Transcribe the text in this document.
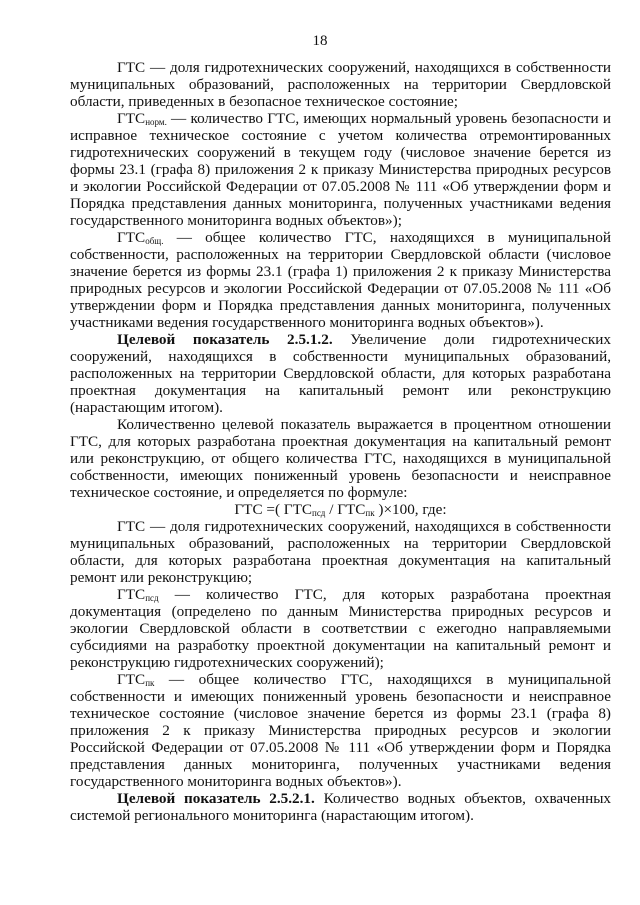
18

ГТС — доля гидротехнических сооружений, находящихся в собственности муниципальных образований, расположенных на территории Свердловской области, приведенных в безопасное техническое состояние;

$ГТС_{норм.}$ — количество ГТС, имеющих нормальный уровень безопасности и исправное техническое состояние с учетом количества отремонтированных гидротехнических сооружений в текущем году (числовое значение берется из формы 23.1 (графа 8) приложения 2 к приказу Министерства природных ресурсов и экологии Российской Федерации от 07.05.2008 № 111 «Об утверждении форм и Порядка представления данных мониторинга, полученных участниками ведения государственного мониторинга водных объектов»);

$ГТС_{общ.}$ — общее количество ГТС, находящихся в муниципальной собственности, расположенных на территории Свердловской области (числовое значение берется из формы 23.1 (графа 1) приложения 2 к приказу Министерства природных ресурсов и экологии Российской Федерации от 07.05.2008 № 111 «Об утверждении форм и Порядка представления данных мониторинга, полученных участниками ведения государственного мониторинга водных объектов»).

Целевой показатель 2.5.1.2. Увеличение доли гидротехнических сооружений, находящихся в собственности муниципальных образований, расположенных на территории Свердловской области, для которых разработана проектная документация на капитальный ремонт или реконструкцию (нарастающим итогом).

Количественно целевой показатель выражается в процентном отношении ГТС, для которых разработана проектная документация на капитальный ремонт или реконструкцию, от общего количества ГТС, находящихся в муниципальной собственности, имеющих пониженный уровень безопасности и неисправное техническое состояние, и определяется по формуле:

ГТС =( $ГТС_{псд} / ГТС_{пк}$ )×100, где:

ГТС — доля гидротехнических сооружений, находящихся в собственности муниципальных образований, расположенных на территории Свердловской области, для которых разработана проектная документация на капитальный ремонт или реконструкцию;

$ГТС_{псд}$ — количество ГТС, для которых разработана проектная документация (определено по данным Министерства природных ресурсов и экологии Свердловской области в соответствии с ежегодно направляемыми субсидиями на разработку проектной документации на капитальный ремонт и реконструкцию гидротехнических сооружений);

$ГТС_{пк}$ — общее количество ГТС, находящихся в муниципальной собственности и имеющих пониженный уровень безопасности и неисправное техническое состояние (числовое значение берется из формы 23.1 (графа 8) приложения 2 к приказу Министерства природных ресурсов и экологии Российской Федерации от 07.05.2008 № 111 «Об утверждении форм и Порядка представления данных мониторинга, полученных участниками ведения государственного мониторинга водных объектов»).

Целевой показатель 2.5.2.1. Количество водных объектов, охваченных системой регионального мониторинга (нарастающим итогом).
